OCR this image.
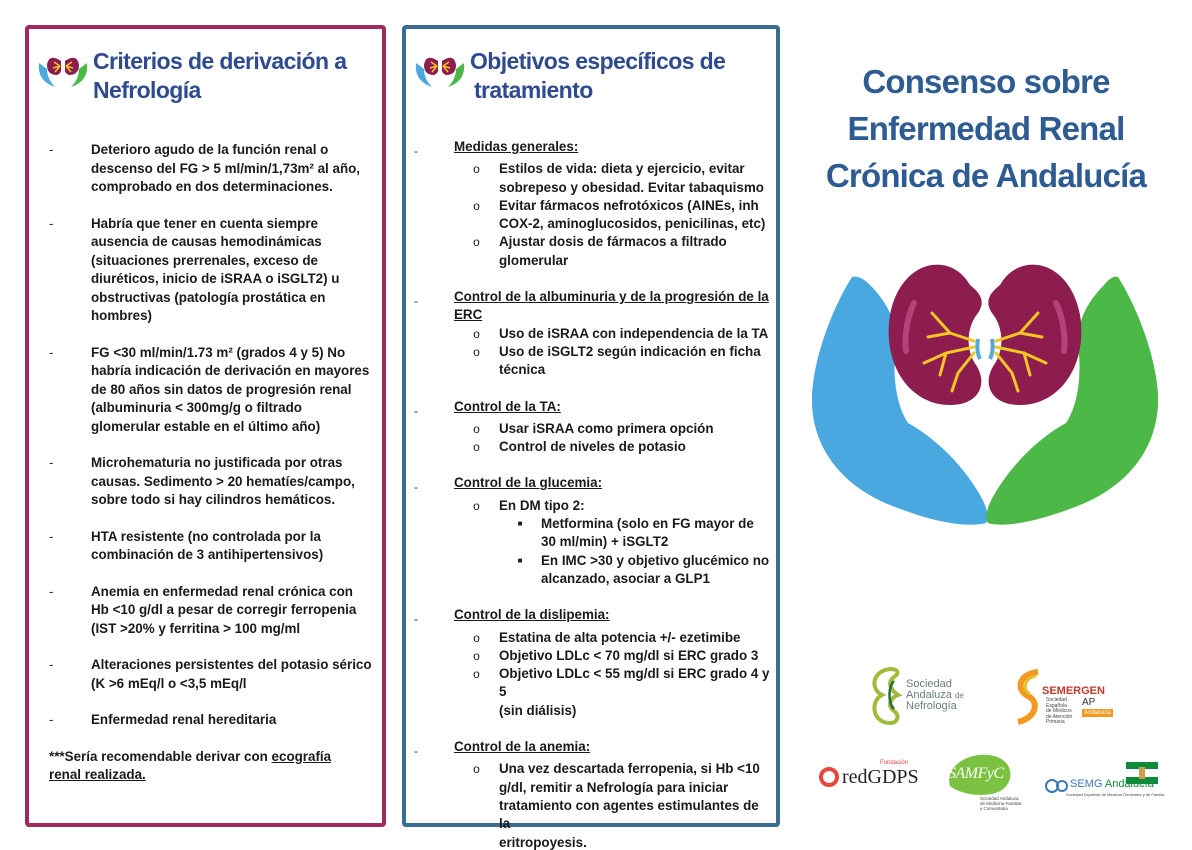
Criterios de derivación a
Nefrología
-	Deterioro agudo de la función renal o
descenso del FG > 5 ml/min/1,73m² al año,
comprobado en dos determinaciones.
-	Habría que tener en cuenta siempre
ausencia de causas hemodinámicas
(situaciones prerrenales, exceso de
diuréticos, inicio de iSRAA o iSGLT2) u
obstructivas (patología prostática en
hombres)
-	FG <30 ml/min/1.73 m² (grados 4 y 5) No
habría indicación de derivación en mayores
de 80 años sin datos de progresión renal
(albuminuria < 300mg/g o filtrado
glomerular estable en el último año)
-	Microhematuria no justificada por otras
causas. Sedimento > 20 hematíes/campo,
sobre todo si hay cilindros hemáticos.
-	HTA resistente (no controlada por la
combinación de 3 antihipertensivos)
-	Anemia en enfermedad renal crónica con
Hb <10 g/dl a pesar de corregir ferropenia
(IST >20% y ferritina > 100 mg/ml
-	Alteraciones persistentes del potasio sérico
(K >6 mEq/l o <3,5 mEq/l
-	Enfermedad renal hereditaria
***Sería recomendable derivar con ecografía
renal realizada.
Objetivos específicos de
tratamiento
-	Medidas generales:
o	Estilos de vida: dieta y ejercicio, evitar
sobrepeso y obesidad. Evitar tabaquismo
o	Evitar fármacos nefrotóxicos (AINEs, inh
COX-2, aminoglucosidos, penicilinas, etc)
o	Ajustar dosis de fármacos a filtrado
glomerular
-	Control de la albuminuria y de la progresión de la
ERC
o	Uso de iSRAA con independencia de la TA
o	Uso de iSGLT2 según indicación en ficha
técnica
-	Control de la TA:
o	Usar iSRAA como primera opción
o	Control de niveles de potasio
-	Control de la glucemia:
o	En DM tipo 2:
■	Metformina (solo en FG mayor de
30 ml/min) + iSGLT2
■	En IMC >30 y objetivo glucémico no
alcanzado, asociar a GLP1
-	Control de la dislipemia:
o	Estatina de alta potencia +/- ezetimibe
o	Objetivo LDLc < 70 mg/dl si ERC grado 3
o	Objetivo LDLc < 55 mg/dl si ERC grado 4 y 5
(sin diálisis)
-	Control de la anemia:
o	Una vez descartada ferropenia, si Hb <10
g/dl, remitir a Nefrología para iniciar
tratamiento con agentes estimulantes de la
eritropoyesis.
Consenso sobre
Enfermedad Renal
Crónica de Andalucía
Sociedad
Andaluza de
Nefrología
SEMERGEN
AP
Andalucía
Sociedad
Española
de Médicos
de Atención
Primaria
Fundación
redGDPS SAMFyC
Sociedad Andaluza
de Medicina Familiar
y Comunitaria
SEMG Andalucía
Sociedad Española de Médicos Generales y de Familia
